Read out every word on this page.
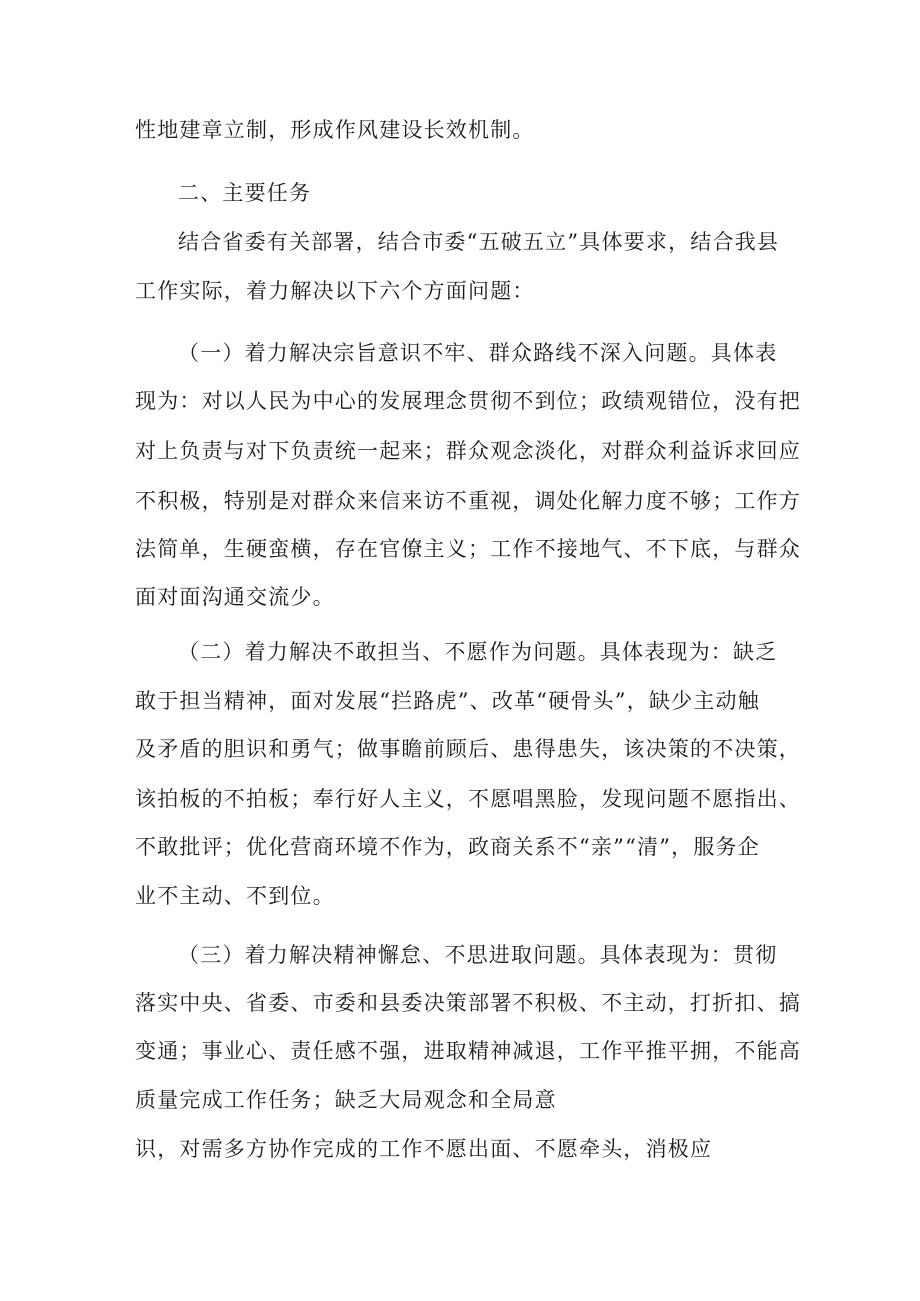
性地建章立制，形成作风建设长效机制。
二、主要任务
结合省委有关部署，结合市委“五破五立”具体要求，结合我县
工作实际，着力解决以下六个方面问题：
（一）着力解决宗旨意识不牢、群众路线不深入问题。具体表
现为：对以人民为中心的发展理念贯彻不到位；政绩观错位，没有把
对上负责与对下负责统一起来；群众观念淡化，对群众利益诉求回应
不积极，特别是对群众来信来访不重视，调处化解力度不够；工作方
法简单，生硬蛮横，存在官僚主义；工作不接地气、不下底，与群众
面对面沟通交流少。
（二）着力解决不敢担当、不愿作为问题。具体表现为：缺乏
敢于担当精神，面对发展“拦路虎”、改革“硬骨头”，缺少主动触
及矛盾的胆识和勇气；做事瞻前顾后、患得患失，该决策的不决策，
该拍板的不拍板；奉行好人主义，不愿唱黑脸，发现问题不愿指出、
不敢批评；优化营商环境不作为，政商关系不“亲”“清”，服务企
业不主动、不到位。
（三）着力解决精神懈怠、不思进取问题。具体表现为：贯彻
落实中央、省委、市委和县委决策部署不积极、不主动，打折扣、搞
变通；事业心、责任感不强，进取精神减退，工作平推平拥，不能高
质量完成工作任务；缺乏大局观念和全局意
识，对需多方协作完成的工作不愿出面、不愿牵头，消极应
